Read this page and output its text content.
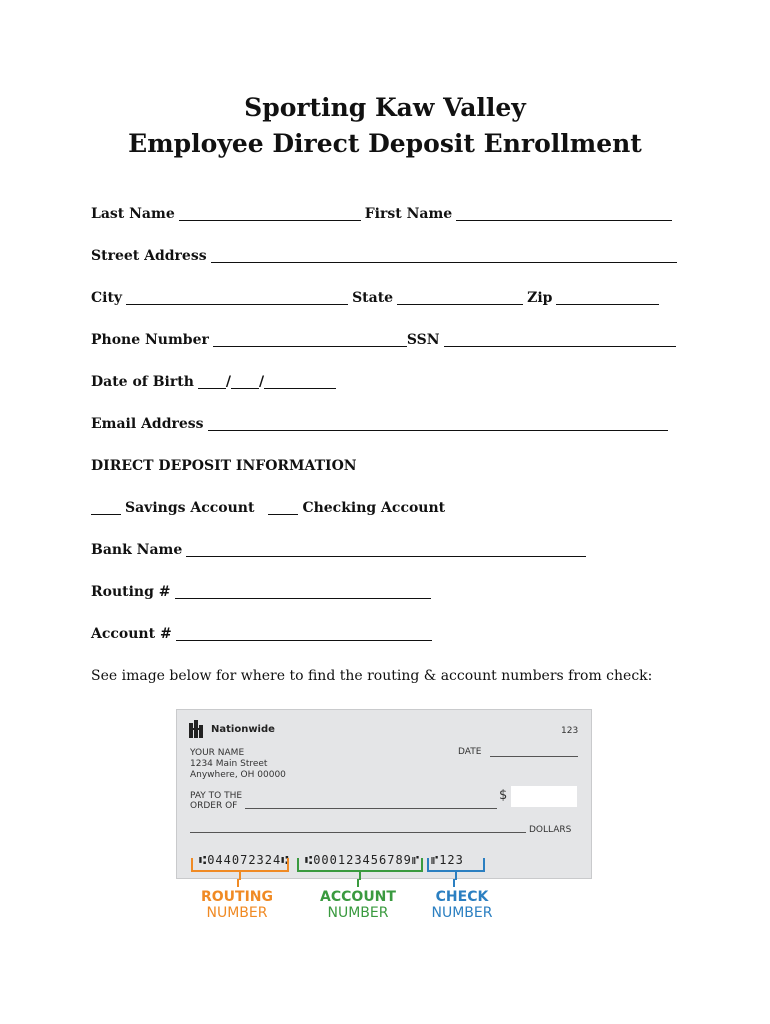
Sporting Kaw Valley
Employee Direct Deposit Enrollment
Last Name	First Name
Street Address
City	State	Zip
Phone Number	SSN
Date of Birth / /
Email Address
DIRECT DEPOSIT INFORMATION
Savings Account	Checking Account
Bank Name
Routing #
Account #
See image below for where to find the routing & account numbers from check:
Nationwide	123
YOUR NAME
1234 Main Street
Anywhere, OH 00000
DATE
PAY TO THE
ORDER OF
$
DOLLARS
⑆044072324⑆ ⑆000123456789⑈ ⑈123
ROUTING
NUMBER
ACCOUNT
NUMBER
CHECK
NUMBER
